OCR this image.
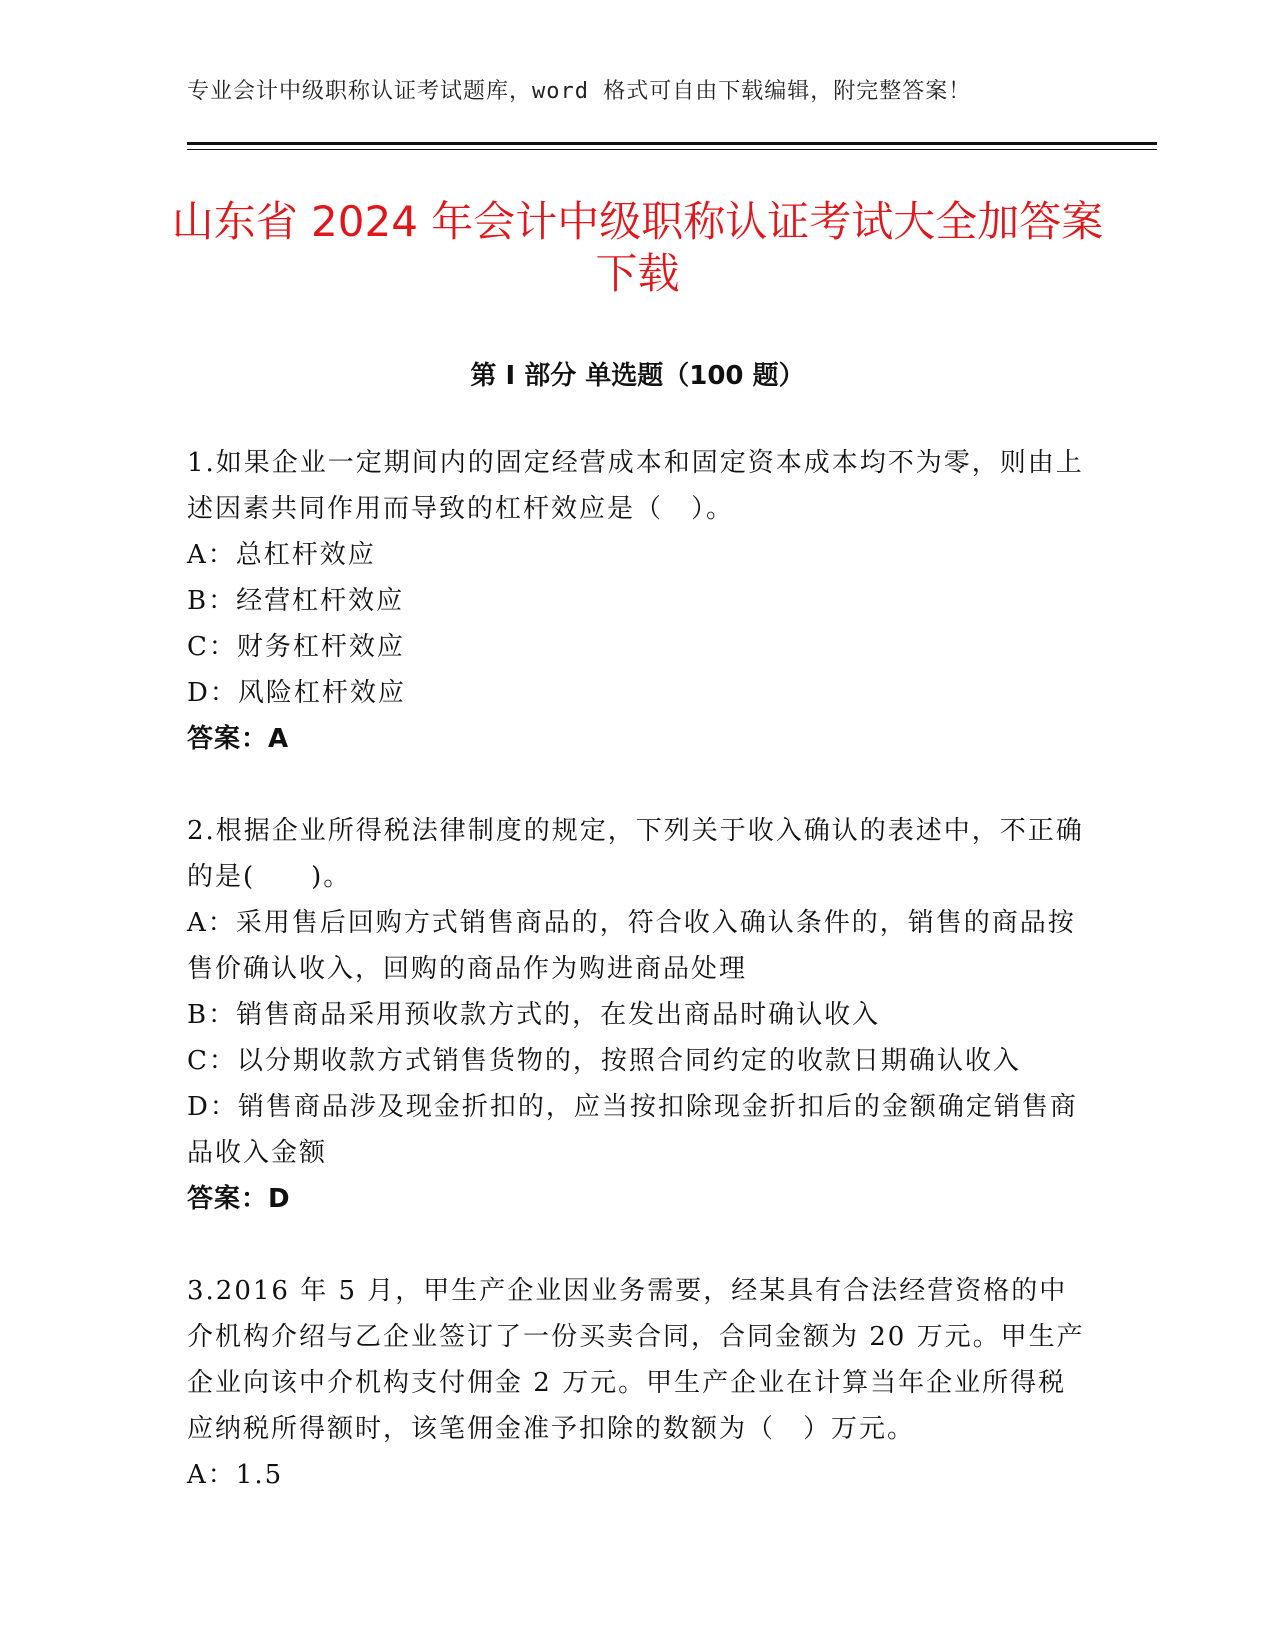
专业会计中级职称认证考试题库，word 格式可自由下载编辑，附完整答案！
山东省 2024 年会计中级职称认证考试大全加答案下载
第 I 部分 单选题（100 题）

1.如果企业一定期间内的固定经营成本和固定资本成本均不为零，则由上述因素共同作用而导致的杠杆效应是（　）。

A：总杠杆效应

B：经营杠杆效应

C：财务杠杆效应

D：风险杠杆效应

答案：A

2.根据企业所得税法律制度的规定，下列关于收入确认的表述中，不正确的是(　　)。

A：采用售后回购方式销售商品的，符合收入确认条件的，销售的商品按售价确认收入，回购的商品作为购进商品处理

B：销售商品采用预收款方式的，在发出商品时确认收入

C：以分期收款方式销售货物的，按照合同约定的收款日期确认收入

D：销售商品涉及现金折扣的，应当按扣除现金折扣后的金额确定销售商品收入金额

答案：D

3.2016 年 5 月，甲生产企业因业务需要，经某具有合法经营资格的中介机构介绍与乙企业签订了一份买卖合同，合同金额为 20 万元。甲生产企业向该中介机构支付佣金 2 万元。甲生产企业在计算当年企业所得税应纳税所得额时，该笔佣金准予扣除的数额为（　）万元。

A：1.5
